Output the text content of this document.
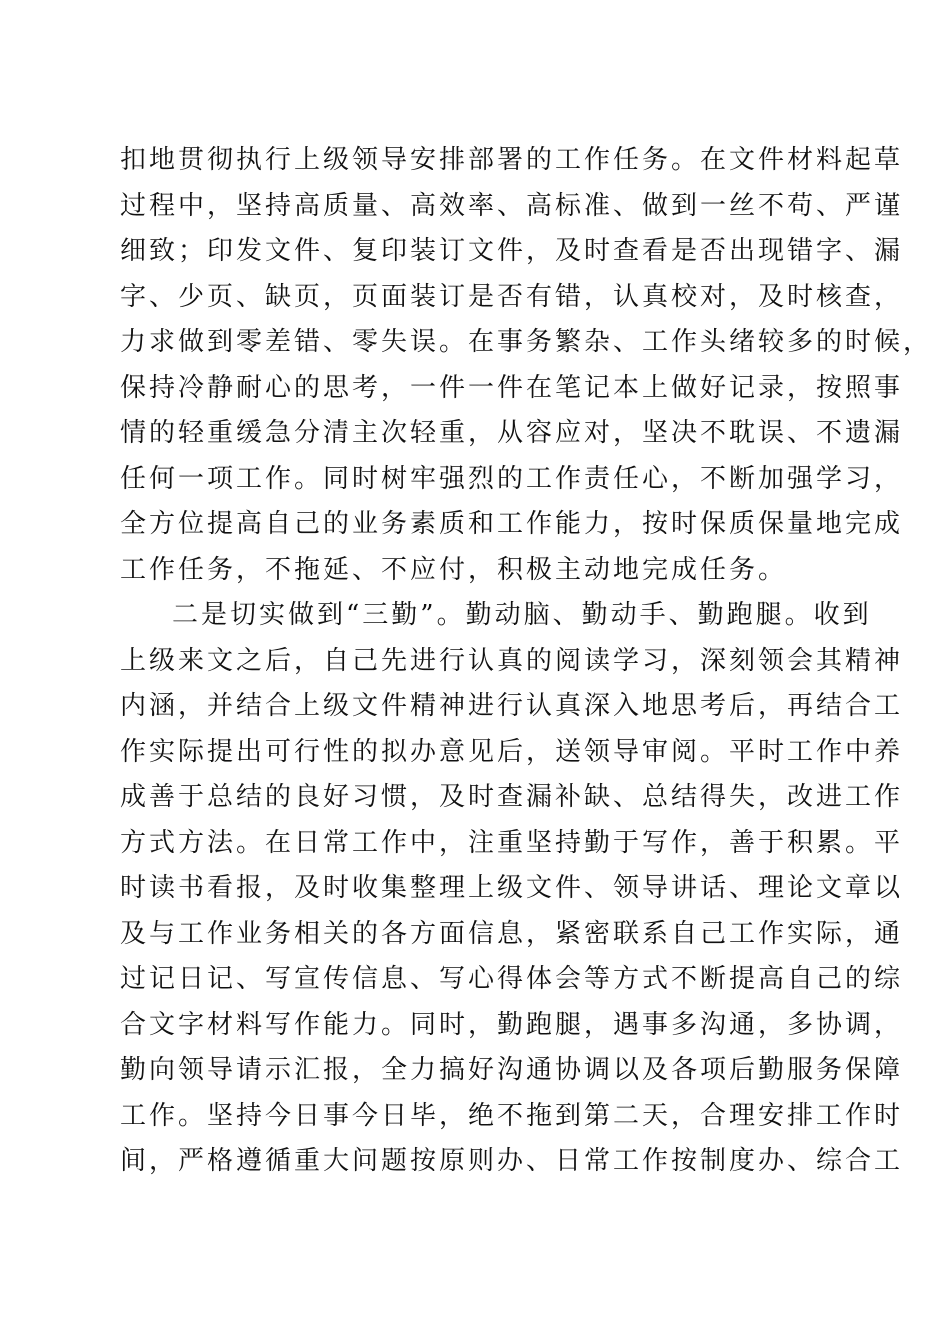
扣地贯彻执行上级领导安排部署的工作任务。在文件材料起草
过程中，坚持高质量、高效率、高标准、做到一丝不苟、严谨
细致；印发文件、复印装订文件，及时查看是否出现错字、漏
字、少页、缺页，页面装订是否有错，认真校对，及时核查，
力求做到零差错、零失误。在事务繁杂、工作头绪较多的时候，
保持冷静耐心的思考，一件一件在笔记本上做好记录，按照事
情的轻重缓急分清主次轻重，从容应对，坚决不耽误、不遗漏
任何一项工作。同时树牢强烈的工作责任心，不断加强学习，
全方位提高自己的业务素质和工作能力，按时保质保量地完成
工作任务，不拖延、不应付，积极主动地完成任务。
二是切实做到“三勤”。勤动脑、勤动手、勤跑腿。收到
上级来文之后，自己先进行认真的阅读学习，深刻领会其精神
内涵，并结合上级文件精神进行认真深入地思考后，再结合工
作实际提出可行性的拟办意见后，送领导审阅。平时工作中养
成善于总结的良好习惯，及时查漏补缺、总结得失，改进工作
方式方法。在日常工作中，注重坚持勤于写作，善于积累。平
时读书看报，及时收集整理上级文件、领导讲话、理论文章以
及与工作业务相关的各方面信息，紧密联系自己工作实际，通
过记日记、写宣传信息、写心得体会等方式不断提高自己的综
合文字材料写作能力。同时，勤跑腿，遇事多沟通，多协调，
勤向领导请示汇报，全力搞好沟通协调以及各项后勤服务保障
工作。坚持今日事今日毕，绝不拖到第二天，合理安排工作时
间，严格遵循重大问题按原则办、日常工作按制度办、综合工
